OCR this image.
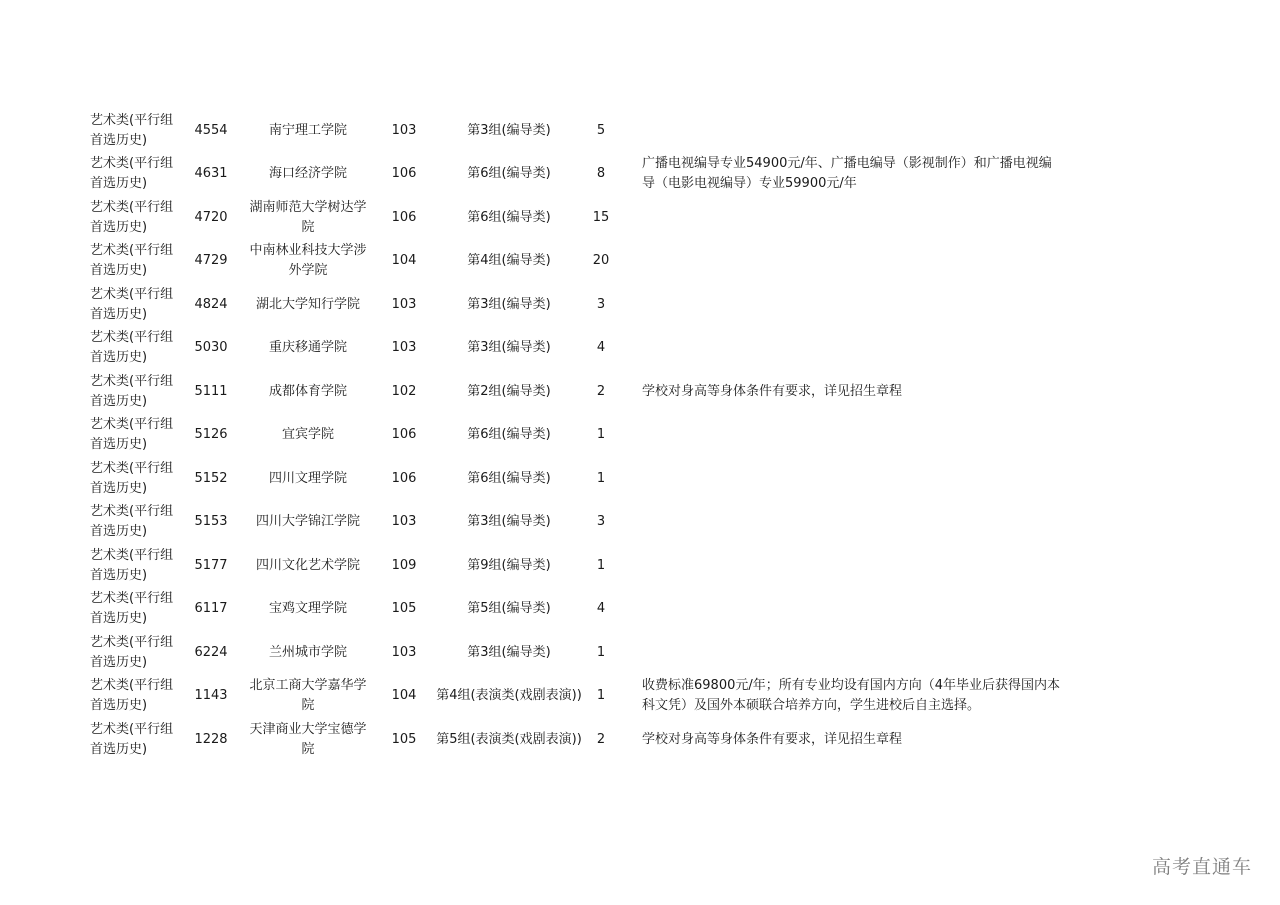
艺术类(平行组首选历史)	4554	南宁理工学院	103	第3组(编导类)	5	
艺术类(平行组首选历史)	4631	海口经济学院	106	第6组(编导类)	8	广播电视编导专业54900元/年、广播电编导（影视制作）和广播电视编导（电影电视编导）专业59900元/年
艺术类(平行组首选历史)	4720	湖南师范大学树达学院	106	第6组(编导类)	15	
艺术类(平行组首选历史)	4729	中南林业科技大学涉外学院	104	第4组(编导类)	20	
艺术类(平行组首选历史)	4824	湖北大学知行学院	103	第3组(编导类)	3	
艺术类(平行组首选历史)	5030	重庆移通学院	103	第3组(编导类)	4	
艺术类(平行组首选历史)	5111	成都体育学院	102	第2组(编导类)	2	学校对身高等身体条件有要求，详见招生章程
艺术类(平行组首选历史)	5126	宜宾学院	106	第6组(编导类)	1	
艺术类(平行组首选历史)	5152	四川文理学院	106	第6组(编导类)	1	
艺术类(平行组首选历史)	5153	四川大学锦江学院	103	第3组(编导类)	3	
艺术类(平行组首选历史)	5177	四川文化艺术学院	109	第9组(编导类)	1	
艺术类(平行组首选历史)	6117	宝鸡文理学院	105	第5组(编导类)	4	
艺术类(平行组首选历史)	6224	兰州城市学院	103	第3组(编导类)	1	
艺术类(平行组首选历史)	1143	北京工商大学嘉华学院	104	第4组(表演类(戏剧表演))	1	收费标准69800元/年；所有专业均设有国内方向（4年毕业后获得国内本科文凭）及国外本硕联合培养方向，学生进校后自主选择。
艺术类(平行组首选历史)	1228	天津商业大学宝德学院	105	第5组(表演类(戏剧表演))	2	学校对身高等身体条件有要求，详见招生章程
高考直通车
